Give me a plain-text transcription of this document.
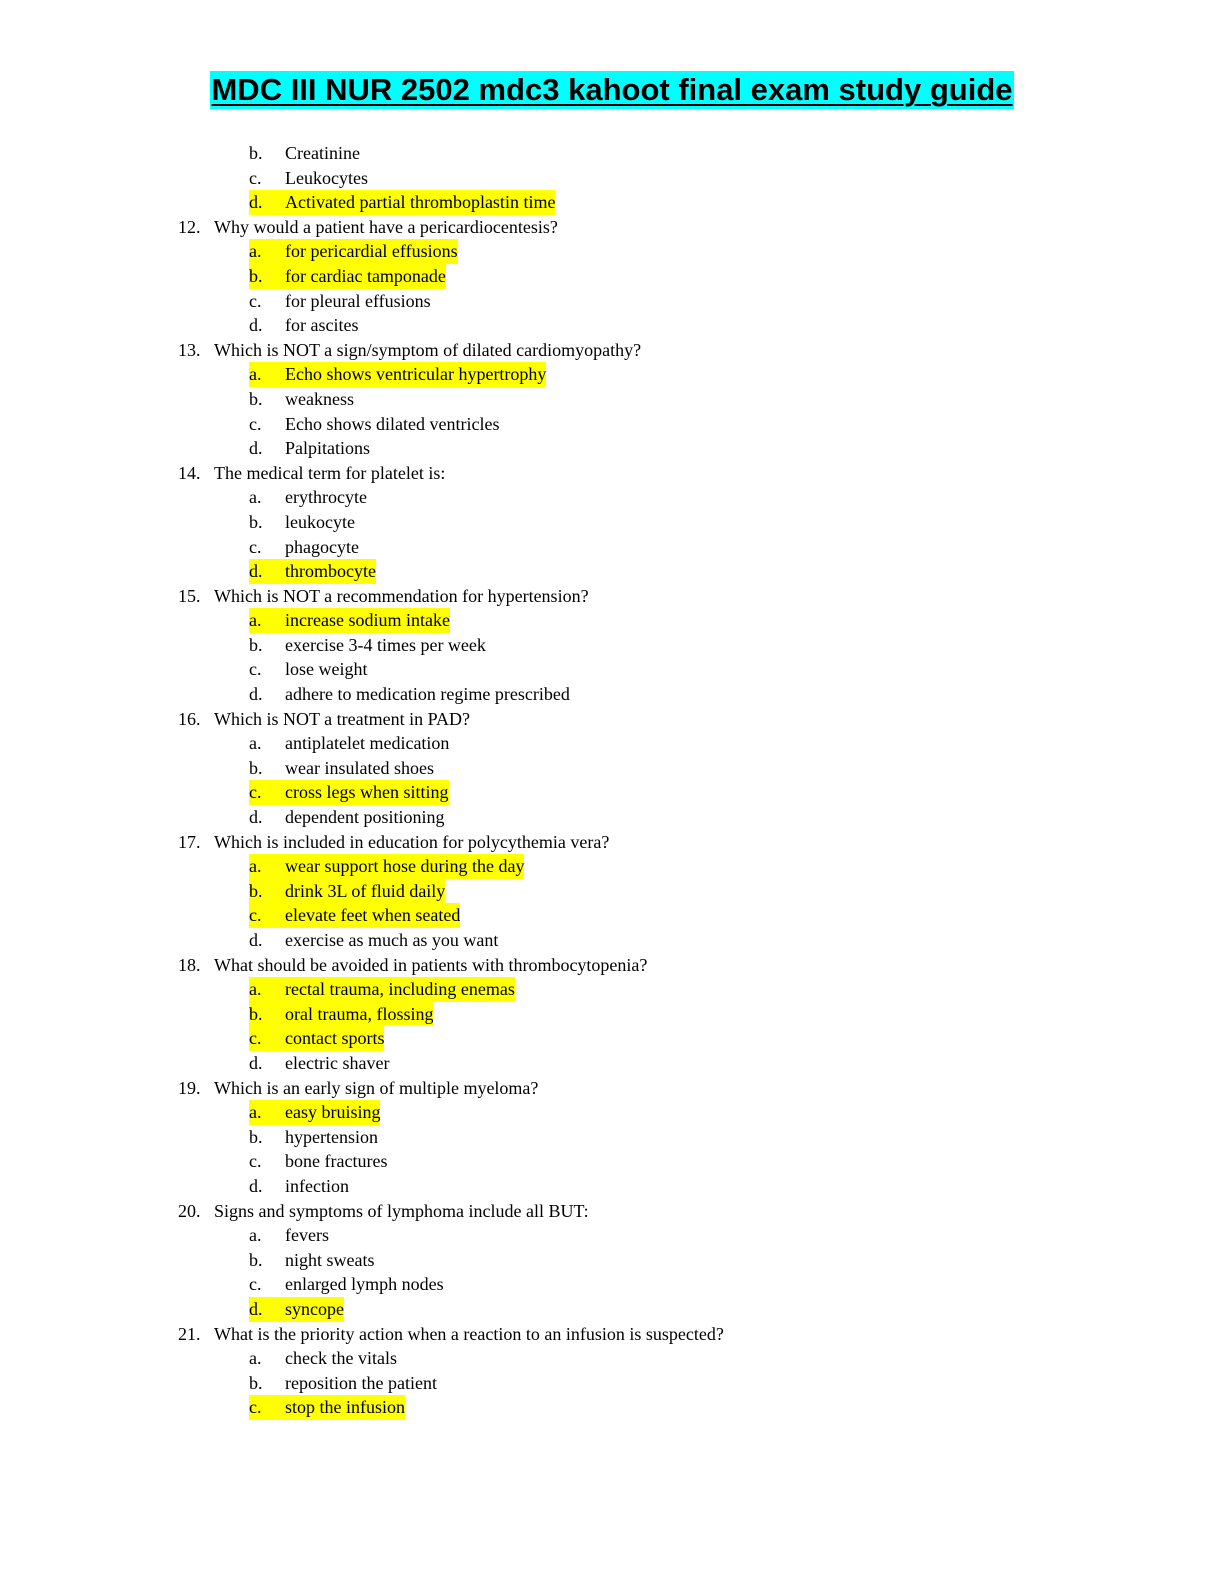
MDC III NUR 2502 mdc3 kahoot final exam study guide
b. Creatinine
c. Leukocytes
d. Activated partial thromboplastin time
12. Why would a patient have a pericardiocentesis?
a. for pericardial effusions
b. for cardiac tamponade
c. for pleural effusions
d. for ascites
13. Which is NOT a sign/symptom of dilated cardiomyopathy?
a. Echo shows ventricular hypertrophy
b. weakness
c. Echo shows dilated ventricles
d. Palpitations
14. The medical term for platelet is:
a. erythrocyte
b. leukocyte
c. phagocyte
d. thrombocyte
15. Which is NOT a recommendation for hypertension?
a. increase sodium intake
b. exercise 3-4 times per week
c. lose weight
d. adhere to medication regime prescribed
16. Which is NOT a treatment in PAD?
a. antiplatelet medication
b. wear insulated shoes
c. cross legs when sitting
d. dependent positioning
17. Which is included in education for polycythemia vera?
a. wear support hose during the day
b. drink 3L of fluid daily
c. elevate feet when seated
d. exercise as much as you want
18. What should be avoided in patients with thrombocytopenia?
a. rectal trauma, including enemas
b. oral trauma, flossing
c. contact sports
d. electric shaver
19. Which is an early sign of multiple myeloma?
a. easy bruising
b. hypertension
c. bone fractures
d. infection
20. Signs and symptoms of lymphoma include all BUT:
a. fevers
b. night sweats
c. enlarged lymph nodes
d. syncope
21. What is the priority action when a reaction to an infusion is suspected?
a. check the vitals
b. reposition the patient
c. stop the infusion
